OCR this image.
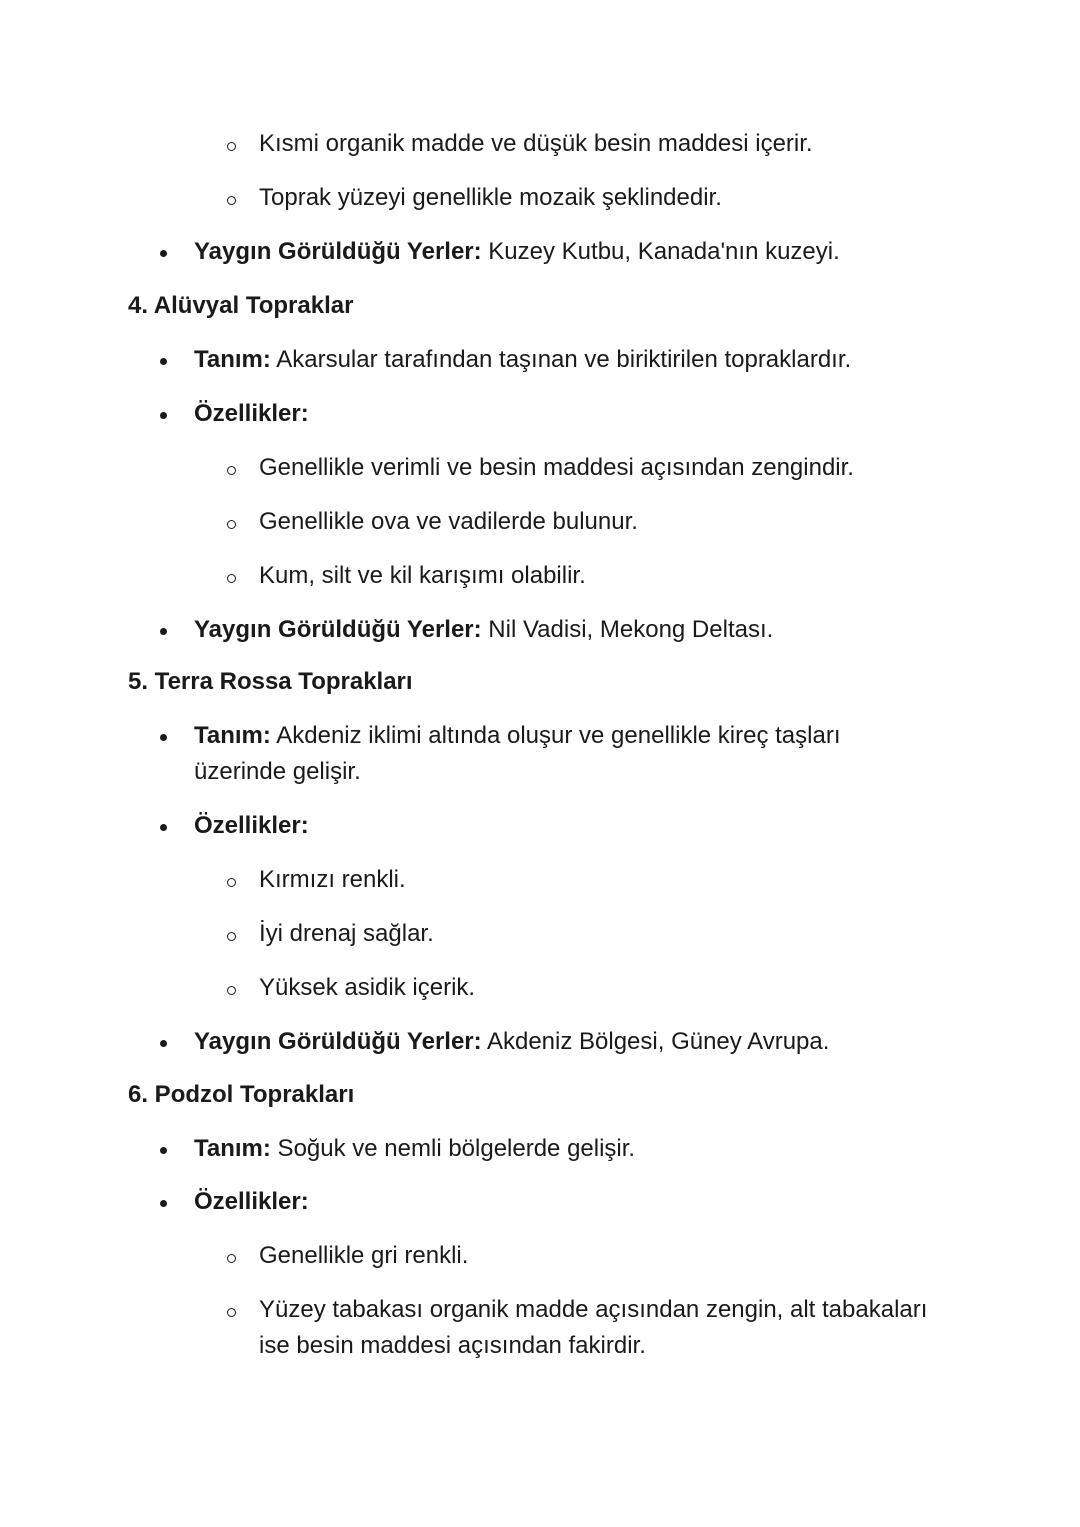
Kısmi organik madde ve düşük besin maddesi içerir.
Toprak yüzeyi genellikle mozaik şeklindedir.
Yaygın Görüldüğü Yerler: Kuzey Kutbu, Kanada'nın kuzeyi.
4. Alüvyal Topraklar
Tanım: Akarsular tarafından taşınan ve biriktirilen topraklardır.
Özellikler:
Genellikle verimli ve besin maddesi açısından zengindir.
Genellikle ova ve vadilerde bulunur.
Kum, silt ve kil karışımı olabilir.
Yaygın Görüldüğü Yerler: Nil Vadisi, Mekong Deltası.
5. Terra Rossa Toprakları
Tanım: Akdeniz iklimi altında oluşur ve genellikle kireç taşları
üzerinde gelişir.
Özellikler:
Kırmızı renkli.
İyi drenaj sağlar.
Yüksek asidik içerik.
Yaygın Görüldüğü Yerler: Akdeniz Bölgesi, Güney Avrupa.
6. Podzol Toprakları
Tanım: Soğuk ve nemli bölgelerde gelişir.
Özellikler:
Genellikle gri renkli.
Yüzey tabakası organik madde açısından zengin, alt tabakaları
ise besin maddesi açısından fakirdir.
